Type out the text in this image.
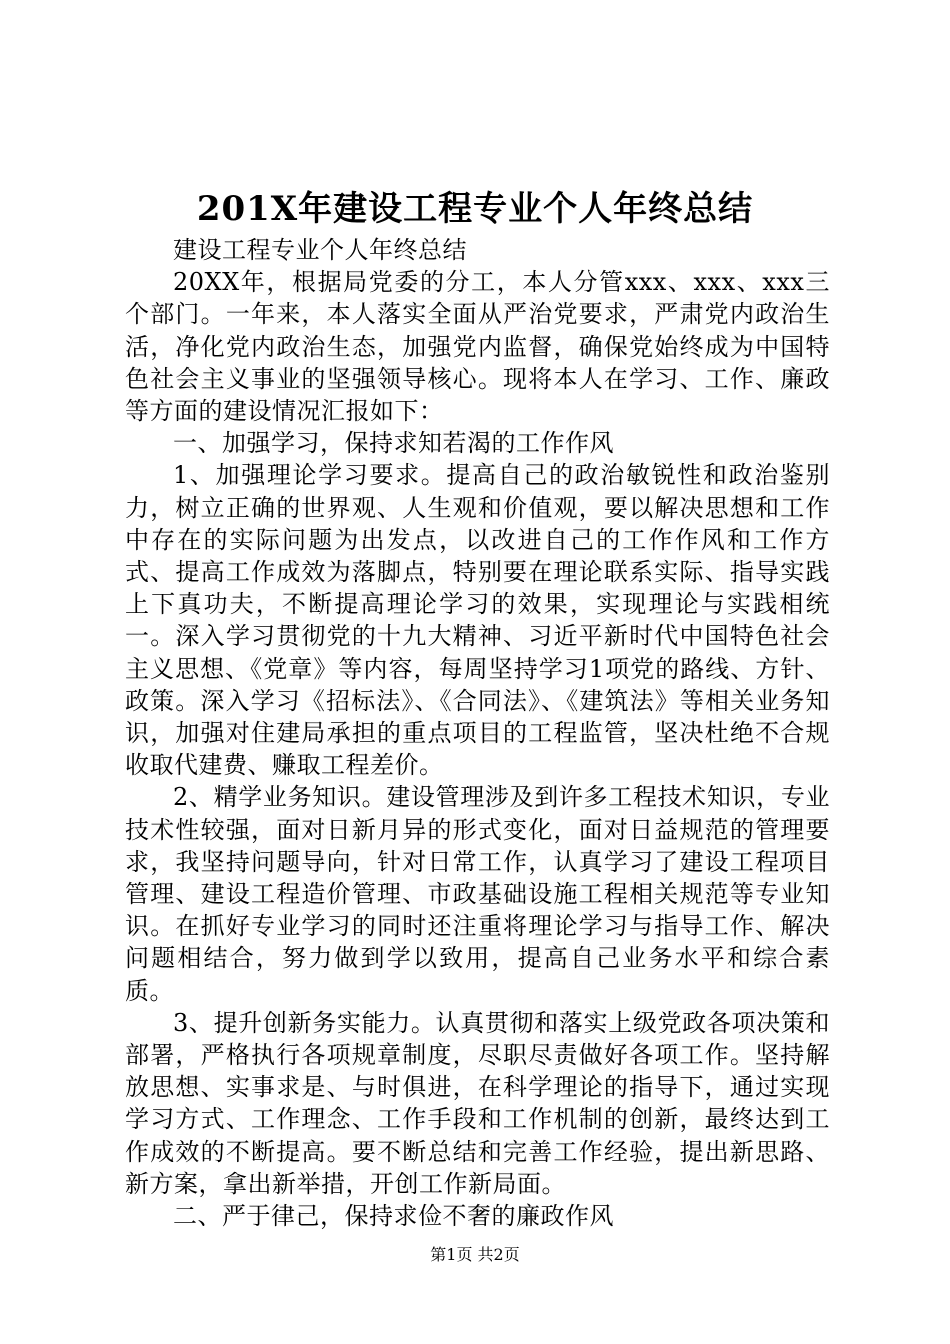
201X年建设工程专业个人年终总结

建设工程专业个人年终总结

20XX年，根据局党委的分工，本人分管xxx、xxx、xxx三个部门。一年来，本人落实全面从严治党要求，严肃党内政治生活，净化党内政治生态，加强党内监督，确保党始终成为中国特色社会主义事业的坚强领导核心。现将本人在学习、工作、廉政等方面的建设情况汇报如下：

一、加强学习，保持求知若渴的工作作风

1、加强理论学习要求。提高自己的政治敏锐性和政治鉴别力，树立正确的世界观、人生观和价值观，要以解决思想和工作中存在的实际问题为出发点，以改进自己的工作作风和工作方式、提高工作成效为落脚点，特别要在理论联系实际、指导实践上下真功夫，不断提高理论学习的效果，实现理论与实践相统一。深入学习贯彻党的十九大精神、习近平新时代中国特色社会主义思想、《党章》等内容，每周坚持学习1项党的路线、方针、政策。深入学习《招标法》、《合同法》、《建筑法》等相关业务知识，加强对住建局承担的重点项目的工程监管，坚决杜绝不合规收取代建费、赚取工程差价。

2、精学业务知识。建设管理涉及到许多工程技术知识，专业技术性较强，面对日新月异的形式变化，面对日益规范的管理要求，我坚持问题导向，针对日常工作，认真学习了建设工程项目管理、建设工程造价管理、市政基础设施工程相关规范等专业知识。在抓好专业学习的同时还注重将理论学习与指导工作、解决问题相结合，努力做到学以致用，提高自己业务水平和综合素质。

3、提升创新务实能力。认真贯彻和落实上级党政各项决策和部署，严格执行各项规章制度，尽职尽责做好各项工作。坚持解放思想、实事求是、与时俱进，在科学理论的指导下，通过实现学习方式、工作理念、工作手段和工作机制的创新，最终达到工作成效的不断提高。要不断总结和完善工作经验，提出新思路、新方案，拿出新举措，开创工作新局面。

二、严于律己，保持求俭不奢的廉政作风

第1页 共2页
